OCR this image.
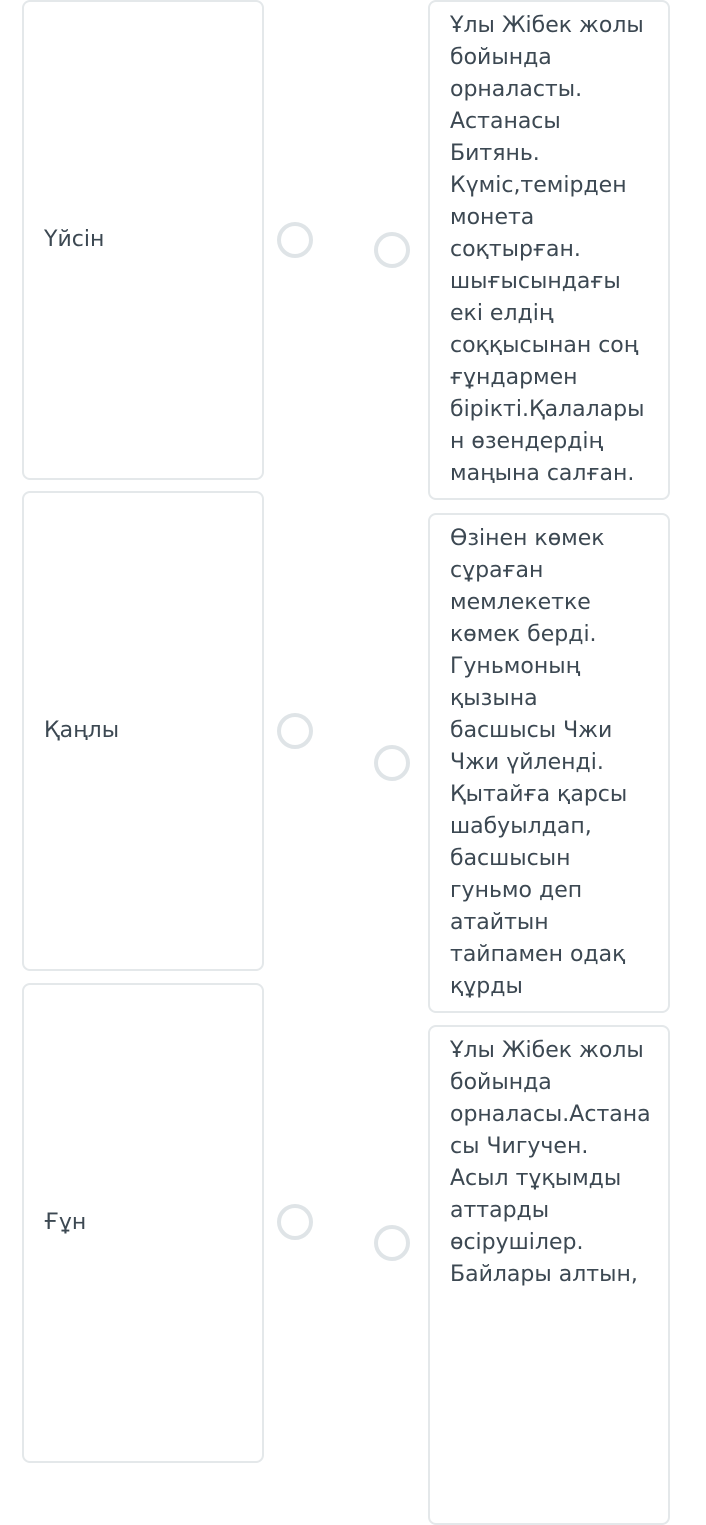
Үйсін
Ұлы Жібек жолы
бойында
орналасты.
Астанасы
Битянь.
Күміс,темірден
монета
соқтырған.
шығысындағы
екі елдің
соққысынан соң
ғұндармен
бірікті.Қалалары
н өзендердің
маңына салған.
Қаңлы
Өзінен көмек
сұраған
мемлекетке
көмек берді.
Гуньмоның
қызына
басшысы Чжи
Чжи үйленді.
Қытайға қарсы
шабуылдап,
басшысын
гуньмо деп
атайтын
тайпамен одақ
құрды
Ғұн
Ұлы Жібек жолы
бойында
орналасы.Астана
сы Чигучен.
Асыл тұқымды
аттарды
өсірушілер.
Байлары алтын,
